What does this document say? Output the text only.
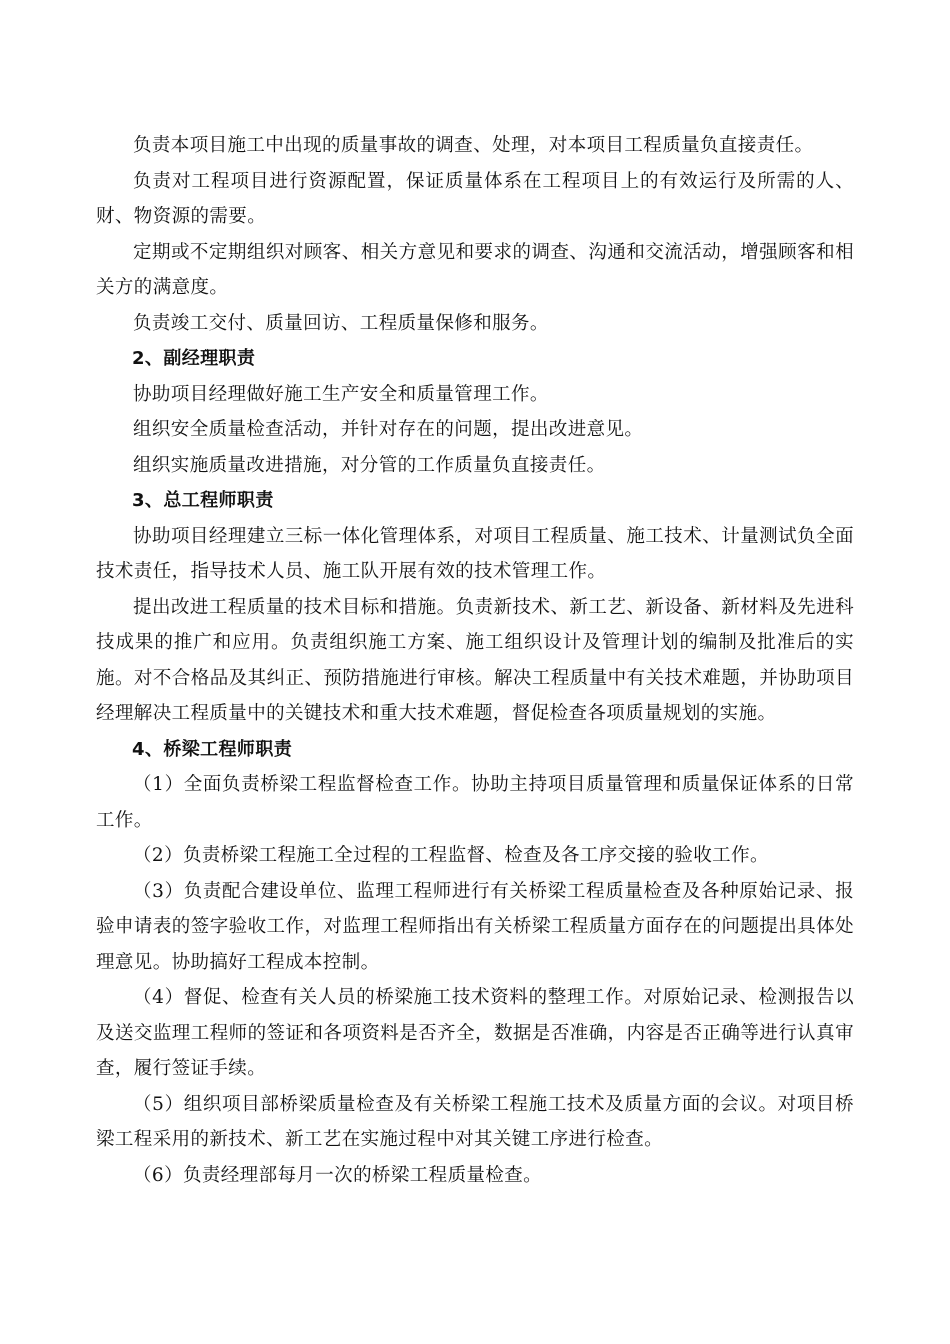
负责本项目施工中出现的质量事故的调查、处理，对本项目工程质量负直接责任。

负责对工程项目进行资源配置，保证质量体系在工程项目上的有效运行及所需的人、财、物资源的需要。

定期或不定期组织对顾客、相关方意见和要求的调查、沟通和交流活动，增强顾客和相关方的满意度。

负责竣工交付、质量回访、工程质量保修和服务。

2、副经理职责

协助项目经理做好施工生产安全和质量管理工作。

组织安全质量检查活动，并针对存在的问题，提出改进意见。

组织实施质量改进措施，对分管的工作质量负直接责任。

3、总工程师职责

协助项目经理建立三标一体化管理体系，对项目工程质量、施工技术、计量测试负全面技术责任，指导技术人员、施工队开展有效的技术管理工作。

提出改进工程质量的技术目标和措施。负责新技术、新工艺、新设备、新材料及先进科技成果的推广和应用。负责组织施工方案、施工组织设计及管理计划的编制及批准后的实施。对不合格品及其纠正、预防措施进行审核。解决工程质量中有关技术难题，并协助项目经理解决工程质量中的关键技术和重大技术难题，督促检查各项质量规划的实施。

4、桥梁工程师职责

（1）全面负责桥梁工程监督检查工作。协助主持项目质量管理和质量保证体系的日常工作。

（2）负责桥梁工程施工全过程的工程监督、检查及各工序交接的验收工作。

（3）负责配合建设单位、监理工程师进行有关桥梁工程质量检查及各种原始记录、报验申请表的签字验收工作，对监理工程师指出有关桥梁工程质量方面存在的问题提出具体处理意见。协助搞好工程成本控制。

（4）督促、检查有关人员的桥梁施工技术资料的整理工作。对原始记录、检测报告以及送交监理工程师的签证和各项资料是否齐全，数据是否准确，内容是否正确等进行认真审查，履行签证手续。

（5）组织项目部桥梁质量检查及有关桥梁工程施工技术及质量方面的会议。对项目桥梁工程采用的新技术、新工艺在实施过程中对其关键工序进行检查。

（6）负责经理部每月一次的桥梁工程质量检查。
